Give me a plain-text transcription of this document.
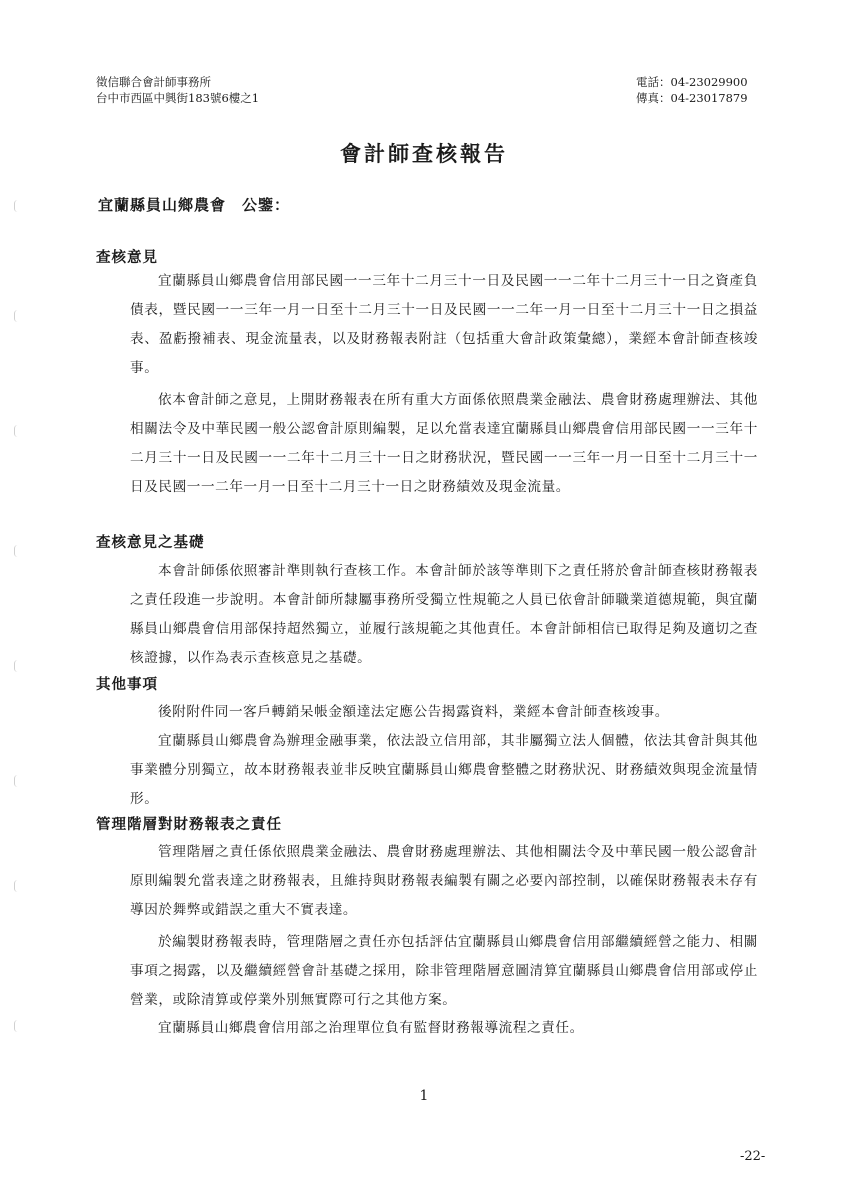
徵信聯合會計師事務所
台中市西區中興街183號6樓之1
電話：04-23029900
傳真：04-23017879
會計師查核報告
宜蘭縣員山鄉農會　公鑒：
查核意見

宜蘭縣員山鄉農會信用部民國一一三年十二月三十一日及民國一一二年十二月三十一日之資產負債表，暨民國一一三年一月一日至十二月三十一日及民國一一二年一月一日至十二月三十一日之損益表、盈虧撥補表、現金流量表，以及財務報表附註（包括重大會計政策彙總），業經本會計師查核竣事。

依本會計師之意見，上開財務報表在所有重大方面係依照農業金融法、農會財務處理辦法、其他相關法令及中華民國一般公認會計原則編製，足以允當表達宜蘭縣員山鄉農會信用部民國一一三年十二月三十一日及民國一一二年十二月三十一日之財務狀況，暨民國一一三年一月一日至十二月三十一日及民國一一二年一月一日至十二月三十一日之財務績效及現金流量。

查核意見之基礎

本會計師係依照審計準則執行查核工作。本會計師於該等準則下之責任將於會計師查核財務報表之責任段進一步說明。本會計師所隸屬事務所受獨立性規範之人員已依會計師職業道德規範，與宜蘭縣員山鄉農會信用部保持超然獨立，並履行該規範之其他責任。本會計師相信已取得足夠及適切之查核證據，以作為表示查核意見之基礎。

其他事項

後附附件同一客戶轉銷呆帳金額達法定應公告揭露資料，業經本會計師查核竣事。

宜蘭縣員山鄉農會為辦理金融事業，依法設立信用部，其非屬獨立法人個體，依法其會計與其他事業體分別獨立，故本財務報表並非反映宜蘭縣員山鄉農會整體之財務狀況、財務績效與現金流量情形。

管理階層對財務報表之責任

管理階層之責任係依照農業金融法、農會財務處理辦法、其他相關法令及中華民國一般公認會計原則編製允當表達之財務報表，且維持與財務報表編製有關之必要內部控制，以確保財務報表未存有導因於舞弊或錯誤之重大不實表達。

於編製財務報表時，管理階層之責任亦包括評估宜蘭縣員山鄉農會信用部繼續經營之能力、相關事項之揭露，以及繼續經營會計基礎之採用，除非管理階層意圖清算宜蘭縣員山鄉農會信用部或停止營業，或除清算或停業外別無實際可行之其他方案。

宜蘭縣員山鄉農會信用部之治理單位負有監督財務報導流程之責任。

1
-22-
